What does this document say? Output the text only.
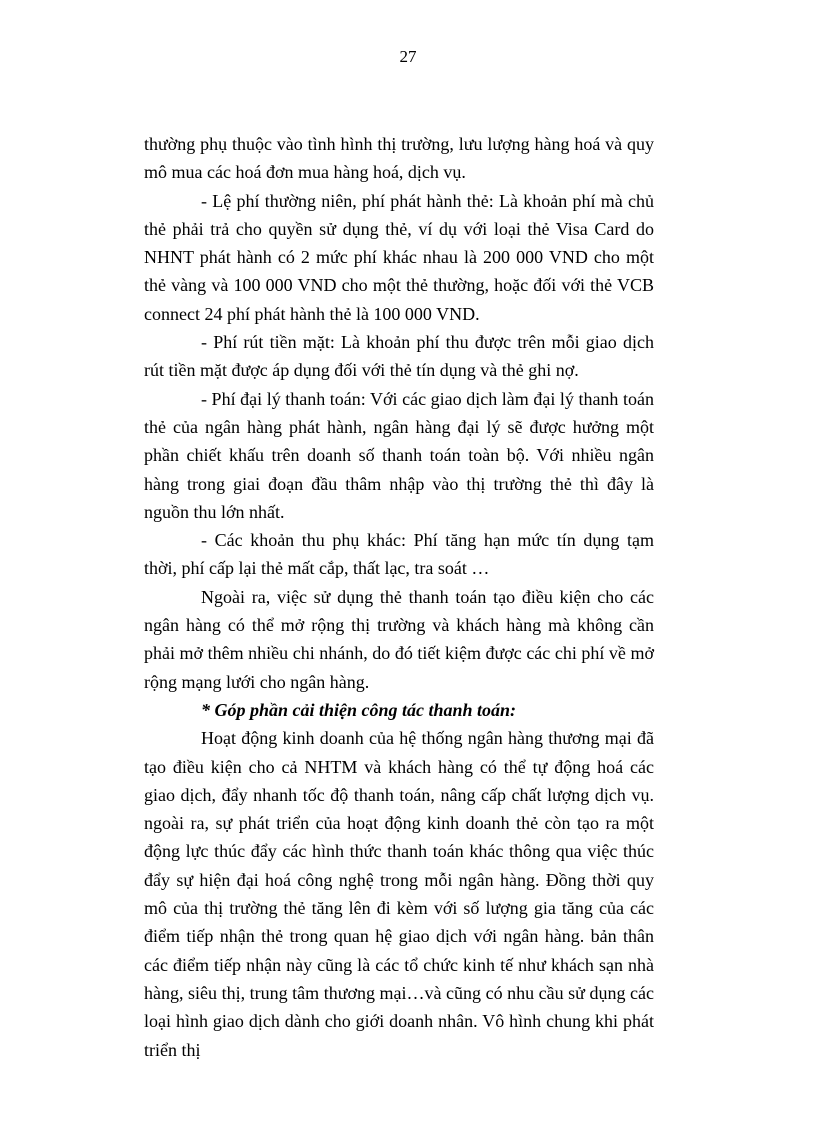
27

thường phụ thuộc vào tình hình thị trường, lưu lượng hàng hoá và quy mô mua các hoá đơn mua hàng hoá, dịch vụ.

- Lệ phí thường niên, phí phát hành thẻ: Là khoản phí mà chủ thẻ phải trả cho quyền sử dụng thẻ, ví dụ với loại thẻ Visa Card do NHNT phát hành có 2 mức phí khác nhau là 200 000 VND cho một thẻ vàng và 100 000 VND cho một thẻ thường, hoặc đối với thẻ VCB connect 24 phí phát hành thẻ là 100 000 VND.

- Phí rút tiền mặt: Là khoản phí thu được trên mỗi giao dịch rút tiền mặt được áp dụng đối với thẻ tín dụng và thẻ ghi nợ.

- Phí đại lý thanh toán: Với các giao dịch làm đại lý thanh toán thẻ của ngân hàng phát hành, ngân hàng đại lý sẽ được hưởng một phần chiết khấu trên doanh số thanh toán toàn bộ. Với nhiều ngân hàng trong giai đoạn đầu thâm nhập vào thị trường thẻ thì đây là nguồn thu lớn nhất.

- Các khoản thu phụ khác: Phí tăng hạn mức tín dụng tạm thời, phí cấp lại thẻ mất cắp, thất lạc, tra soát …

Ngoài ra, việc sử dụng thẻ thanh toán tạo điều kiện cho các ngân hàng có thể mở rộng thị trường và khách hàng mà không cần phải mở thêm nhiều chi nhánh, do đó tiết kiệm được các chi phí về mở rộng mạng lưới cho ngân hàng.

* Góp phần cải thiện công tác thanh toán:

Hoạt động kinh doanh của hệ thống ngân hàng thương mại đã tạo điều kiện cho cả NHTM và khách hàng có thể tự động hoá các giao dịch, đẩy nhanh tốc độ thanh toán, nâng cấp chất lượng dịch vụ. ngoài ra, sự phát triển của hoạt động kinh doanh thẻ còn tạo ra một động lực thúc đẩy các hình thức thanh toán khác thông qua việc thúc đẩy sự hiện đại hoá công nghệ trong mỗi ngân hàng. Đồng thời quy mô của thị trường thẻ tăng lên đi kèm với số lượng gia tăng của các điểm tiếp nhận thẻ trong quan hệ giao dịch với ngân hàng. bản thân các điểm tiếp nhận này cũng là các tổ chức kinh tế như khách sạn nhà hàng, siêu thị, trung tâm thương mại…và cũng có nhu cầu sử dụng các loại hình giao dịch dành cho giới doanh nhân. Vô hình chung khi phát triển thị
